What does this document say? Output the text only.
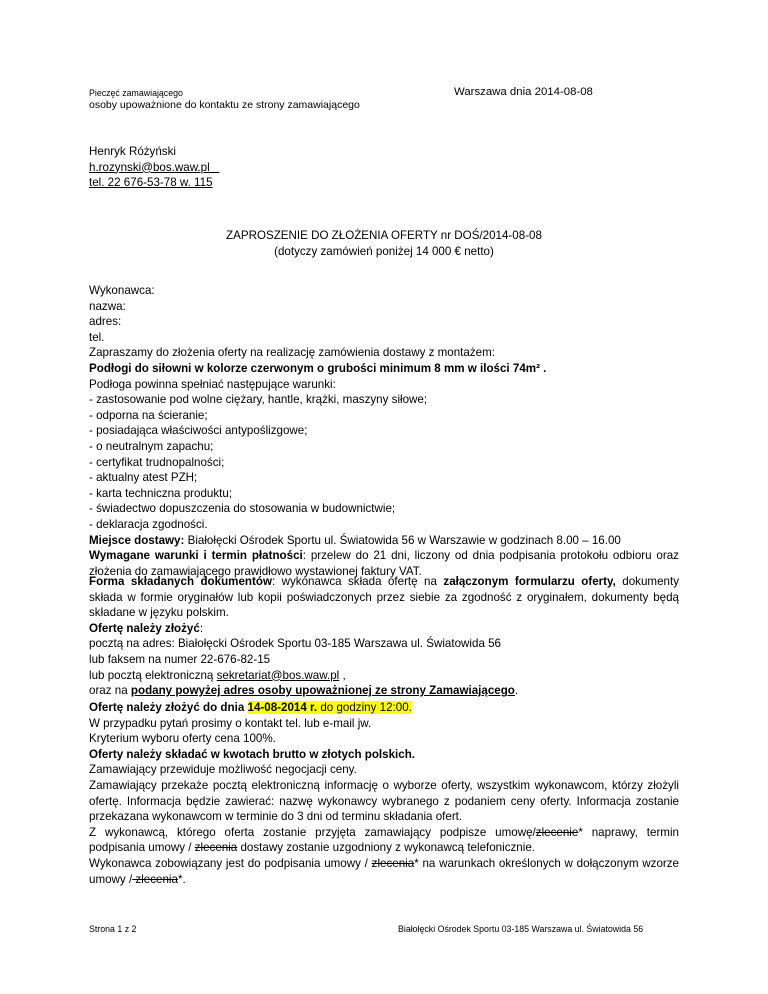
Pieczęć zamawiającego
osoby upoważnione do kontaktu ze strony zamawiającego
Warszawa dnia 2014-08-08

Henryk Różyński

h.rozynski@bos.waw.pl

tel. 22 676-53-78 w. 115

ZAPROSZENIE DO ZŁOŻENIA OFERTY nr DOŚ/2014-08-08

(dotyczy zamówień poniżej 14 000 € netto)

Wykonawca:

nazwa:

adres:

tel.

Zapraszamy do złożenia oferty na realizację zamówienia dostawy z montażem:

Podłogi do siłowni w kolorze czerwonym o grubości minimum 8 mm w ilości 74m² .

Podłoga powinna spełniać następujące warunki:

- zastosowanie pod wolne ciężary, hantle, krążki, maszyny siłowe;

- odporna na ścieranie;

- posiadająca właściwości antypoślizgowe;

- o neutralnym zapachu;

- certyfikat trudnopalności;

- aktualny atest PZH;

- karta techniczna produktu;

- świadectwo dopuszczenia do stosowania w budownictwie;

- deklaracja zgodności.

Miejsce dostawy: Białołęcki Ośrodek Sportu ul. Światowida 56 w Warszawie w godzinach 8.00 – 16.00

Wymagane warunki i termin płatności: przelew do 21 dni, liczony od dnia podpisania protokołu odbioru oraz złożenia do zamawiającego prawidłowo wystawionej faktury VAT.

Forma składanych dokumentów: wykonawca składa ofertę na załączonym formularzu oferty, dokumenty składa w formie oryginałów lub kopii poświadczonych przez siebie za zgodność z oryginałem, dokumenty będą składane w języku polskim.

Ofertę należy złożyć:

pocztą na adres: Białołęcki Ośrodek Sportu 03-185 Warszawa ul. Światowida 56

lub faksem na numer 22-676-82-15

lub pocztą elektroniczną sekretariat@bos.waw.pl ,

oraz na podany powyżej adres osoby upoważnionej ze strony Zamawiającego.

Ofertę należy złożyć do dnia 14-08-2014 r. do godziny 12:00.

W przypadku pytań prosimy o kontakt tel. lub e-mail jw.

Kryterium wyboru oferty cena 100%.

Oferty należy składać w kwotach brutto w złotych polskich.

Zamawiający przewiduje możliwość negocjacji ceny.

Zamawiający przekaże pocztą elektroniczną informację o wyborze oferty, wszystkim wykonawcom, którzy złożyli ofertę. Informacja będzie zawierać: nazwę wykonawcy wybranego z podaniem ceny oferty. Informacja zostanie przekazana wykonawcom w terminie do 3 dni od terminu składania ofert.

Z wykonawcą, którego oferta zostanie przyjęta zamawiający podpisze umowę/zlecenie* naprawy, termin podpisania umowy / zlecenia dostawy zostanie uzgodniony z wykonawcą telefonicznie.

Wykonawca zobowiązany jest do podpisania umowy / zlecenia* na warunkach określonych w dołączonym wzorze umowy / zlecenia*.

Strona 1 z 2	Białołęcki Ośrodek Sportu 03-185 Warszawa ul. Światowida 56
